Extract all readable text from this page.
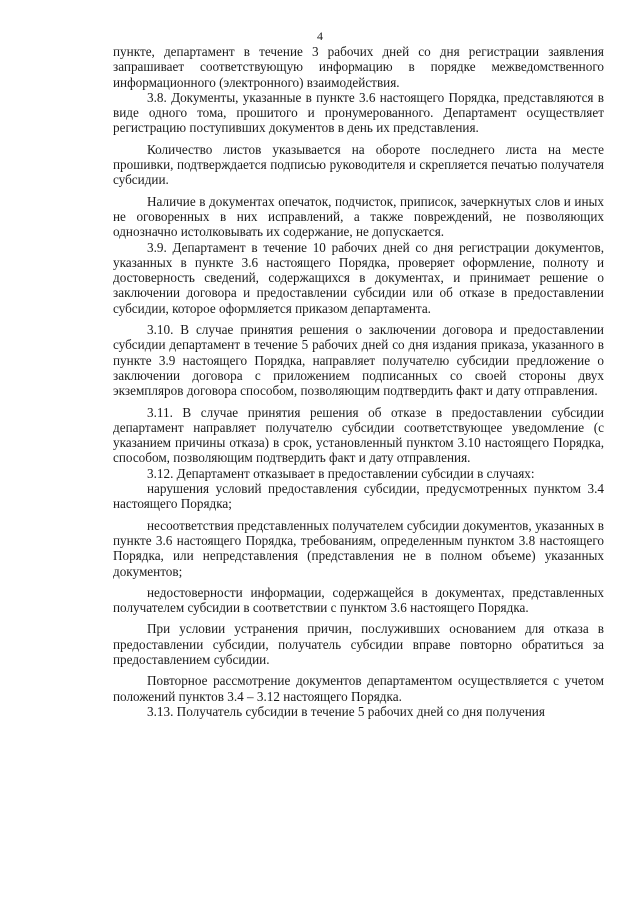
4

пункте, департамент в течение 3 рабочих дней со дня регистрации заявления запрашивает соответствующую информацию в порядке межведомственного информационного (электронного) взаимодействия.

3.8. Документы, указанные в пункте 3.6 настоящего Порядка, представляются в виде одного тома, прошитого и пронумерованного. Департамент осуществляет регистрацию поступивших документов в день их представления.

Количество листов указывается на обороте последнего листа на месте прошивки, подтверждается подписью руководителя и скрепляется печатью получателя субсидии.

Наличие в документах опечаток, подчисток, приписок, зачеркнутых слов и иных не оговоренных в них исправлений, а также повреждений, не позволяющих однозначно истолковывать их содержание, не допускается.

3.9. Департамент в течение 10 рабочих дней со дня регистрации документов, указанных в пункте 3.6 настоящего Порядка, проверяет оформление, полноту и достоверность сведений, содержащихся в документах, и принимает решение о заключении договора и предоставлении субсидии или об отказе в предоставлении субсидии, которое оформляется приказом департамента.

3.10. В случае принятия решения о заключении договора и предоставлении субсидии департамент в течение 5 рабочих дней со дня издания приказа, указанного в пункте 3.9 настоящего Порядка, направляет получателю субсидии предложение о заключении договора с приложением подписанных со своей стороны двух экземпляров договора способом, позволяющим подтвердить факт и дату отправления.

3.11. В случае принятия решения об отказе в предоставлении субсидии департамент направляет получателю субсидии соответствующее уведомление (с указанием причины отказа) в срок, установленный пунктом 3.10 настоящего Порядка, способом, позволяющим подтвердить факт и дату отправления.

3.12. Департамент отказывает в предоставлении субсидии в случаях:

нарушения условий предоставления субсидии, предусмотренных пунктом 3.4 настоящего Порядка;

несоответствия представленных получателем субсидии документов, указанных в пункте 3.6 настоящего Порядка, требованиям, определенным пунктом 3.8 настоящего Порядка, или непредставления (представления не в полном объеме) указанных документов;

недостоверности информации, содержащейся в документах, представленных получателем субсидии в соответствии с пунктом 3.6 настоящего Порядка.

При условии устранения причин, послуживших основанием для отказа в предоставлении субсидии, получатель субсидии вправе повторно обратиться за предоставлением субсидии.

Повторное рассмотрение документов департаментом осуществляется с учетом положений пунктов 3.4 – 3.12 настоящего Порядка.

3.13. Получатель субсидии в течение 5 рабочих дней со дня получения
